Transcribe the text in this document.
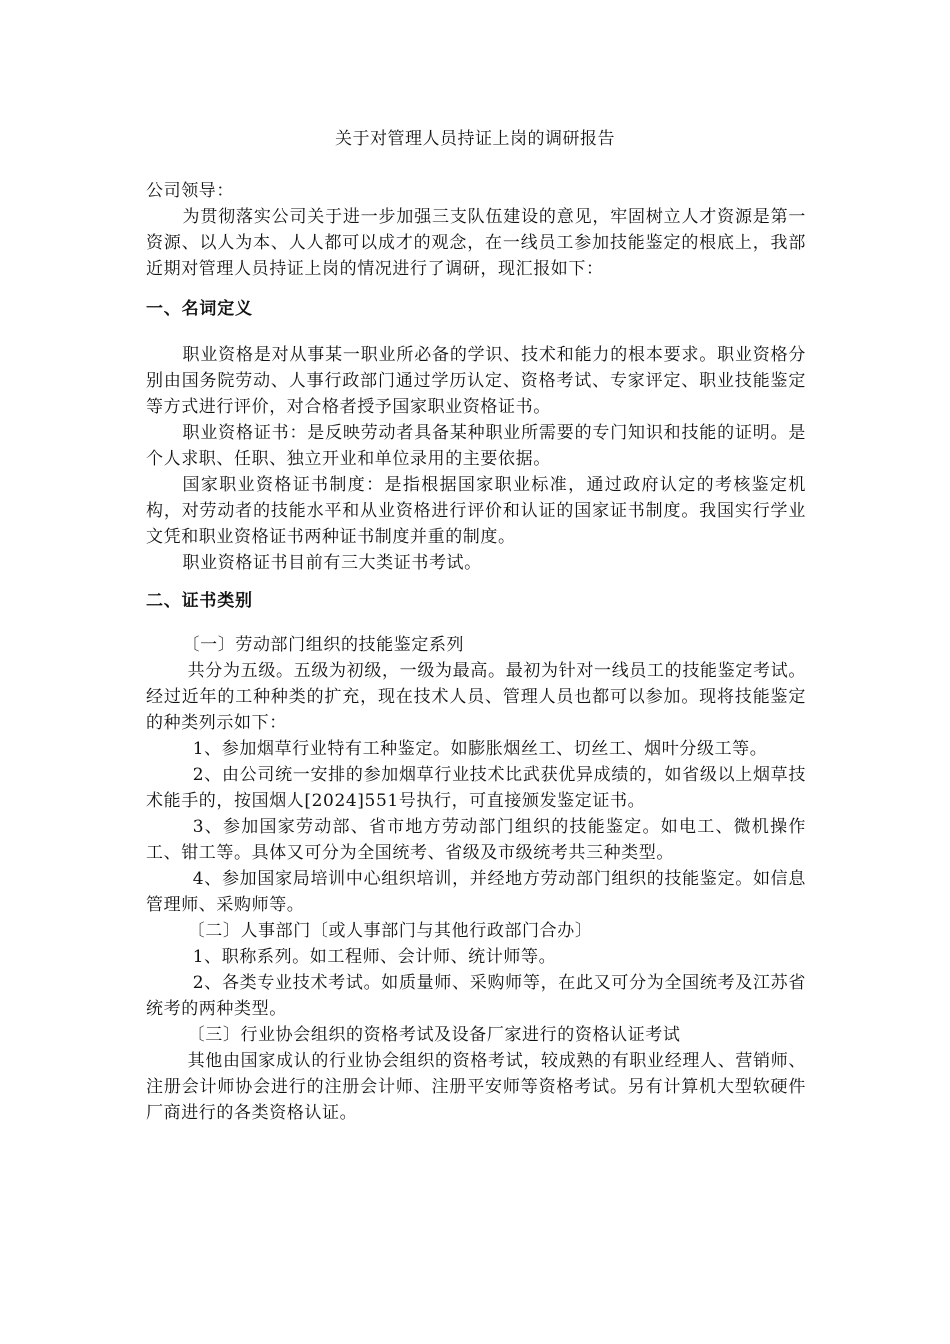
关于对管理人员持证上岗的调研报告

公司领导：

为贯彻落实公司关于进一步加强三支队伍建设的意见，牢固树立人才资源是第一资源、以人为本、人人都可以成才的观念，在一线员工参加技能鉴定的根底上，我部近期对管理人员持证上岗的情况进行了调研，现汇报如下：

一、名词定义

职业资格是对从事某一职业所必备的学识、技术和能力的根本要求。职业资格分别由国务院劳动、人事行政部门通过学历认定、资格考试、专家评定、职业技能鉴定等方式进行评价，对合格者授予国家职业资格证书。

职业资格证书：是反映劳动者具备某种职业所需要的专门知识和技能的证明。是个人求职、任职、独立开业和单位录用的主要依据。

国家职业资格证书制度：是指根据国家职业标准，通过政府认定的考核鉴定机构，对劳动者的技能水平和从业资格进行评价和认证的国家证书制度。我国实行学业文凭和职业资格证书两种证书制度并重的制度。

职业资格证书目前有三大类证书考试。

二、证书类别

〔一〕劳动部门组织的技能鉴定系列

共分为五级。五级为初级，一级为最高。最初为针对一线员工的技能鉴定考试。经过近年的工种种类的扩充，现在技术人员、管理人员也都可以参加。现将技能鉴定的种类列示如下：

1、参加烟草行业特有工种鉴定。如膨胀烟丝工、切丝工、烟叶分级工等。

2、由公司统一安排的参加烟草行业技术比武获优异成绩的，如省级以上烟草技术能手的，按国烟人[2024]551号执行，可直接颁发鉴定证书。

3、参加国家劳动部、省市地方劳动部门组织的技能鉴定。如电工、微机操作工、钳工等。具体又可分为全国统考、省级及市级统考共三种类型。

4、参加国家局培训中心组织培训，并经地方劳动部门组织的技能鉴定。如信息管理师、采购师等。

〔二〕人事部门〔或人事部门与其他行政部门合办〕

1、职称系列。如工程师、会计师、统计师等。

2、各类专业技术考试。如质量师、采购师等，在此又可分为全国统考及江苏省统考的两种类型。

〔三〕行业协会组织的资格考试及设备厂家进行的资格认证考试

其他由国家成认的行业协会组织的资格考试，较成熟的有职业经理人、营销师、注册会计师协会进行的注册会计师、注册平安师等资格考试。另有计算机大型软硬件厂商进行的各类资格认证。
